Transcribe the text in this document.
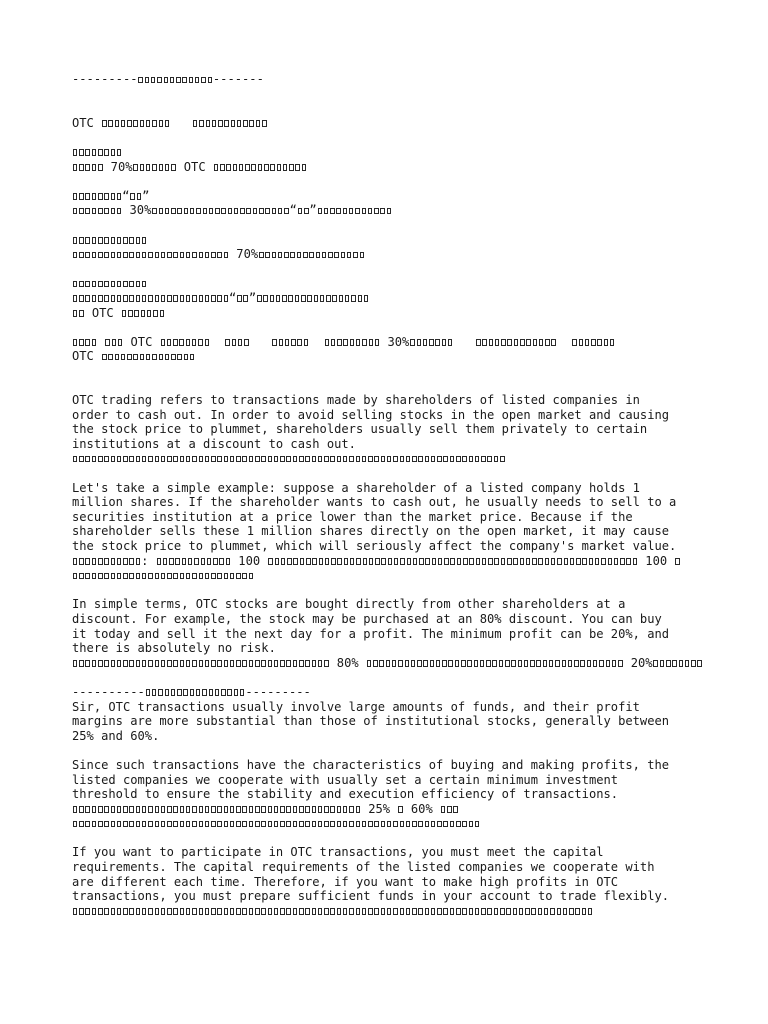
---------	-------
OTC
70%	OTC
“ ”
30%	“ ”
70%
“ ”
OTC
OTC	30%
OTC
OTC trading refers to transactions made by shareholders of listed companies in
order to cash out. In order to avoid selling stocks in the open market and causing
the stock price to plummet, shareholders usually sell them privately to certain
institutions at a discount to cash out.
Let's take a simple example: suppose a shareholder of a listed company holds 1
million shares. If the shareholder wants to cash out, he usually needs to sell to a
securities institution at a price lower than the market price. Because if the
shareholder sells these 1 million shares directly on the open market, it may cause
the stock price to plummet, which will seriously affect the company's market value.
:	100	100
In simple terms, OTC stocks are bought directly from other shareholders at a
discount. For example, the stock may be purchased at an 80% discount. You can buy
it today and sell it the next day for a profit. The minimum profit can be 20%, and
there is absolutely no risk.
80%	20%
----------	---------
Sir, OTC transactions usually involve large amounts of funds, and their profit
margins are more substantial than those of institutional stocks, generally between
25% and 60%.
Since such transactions have the characteristics of buying and making profits, the
listed companies we cooperate with usually set a certain minimum investment
threshold to ensure the stability and execution efficiency of transactions.
25%  60%
If you want to participate in OTC transactions, you must meet the capital
requirements. The capital requirements of the listed companies we cooperate with
are different each time. Therefore, if you want to make high profits in OTC
transactions, you must prepare sufficient funds in your account to trade flexibly.
